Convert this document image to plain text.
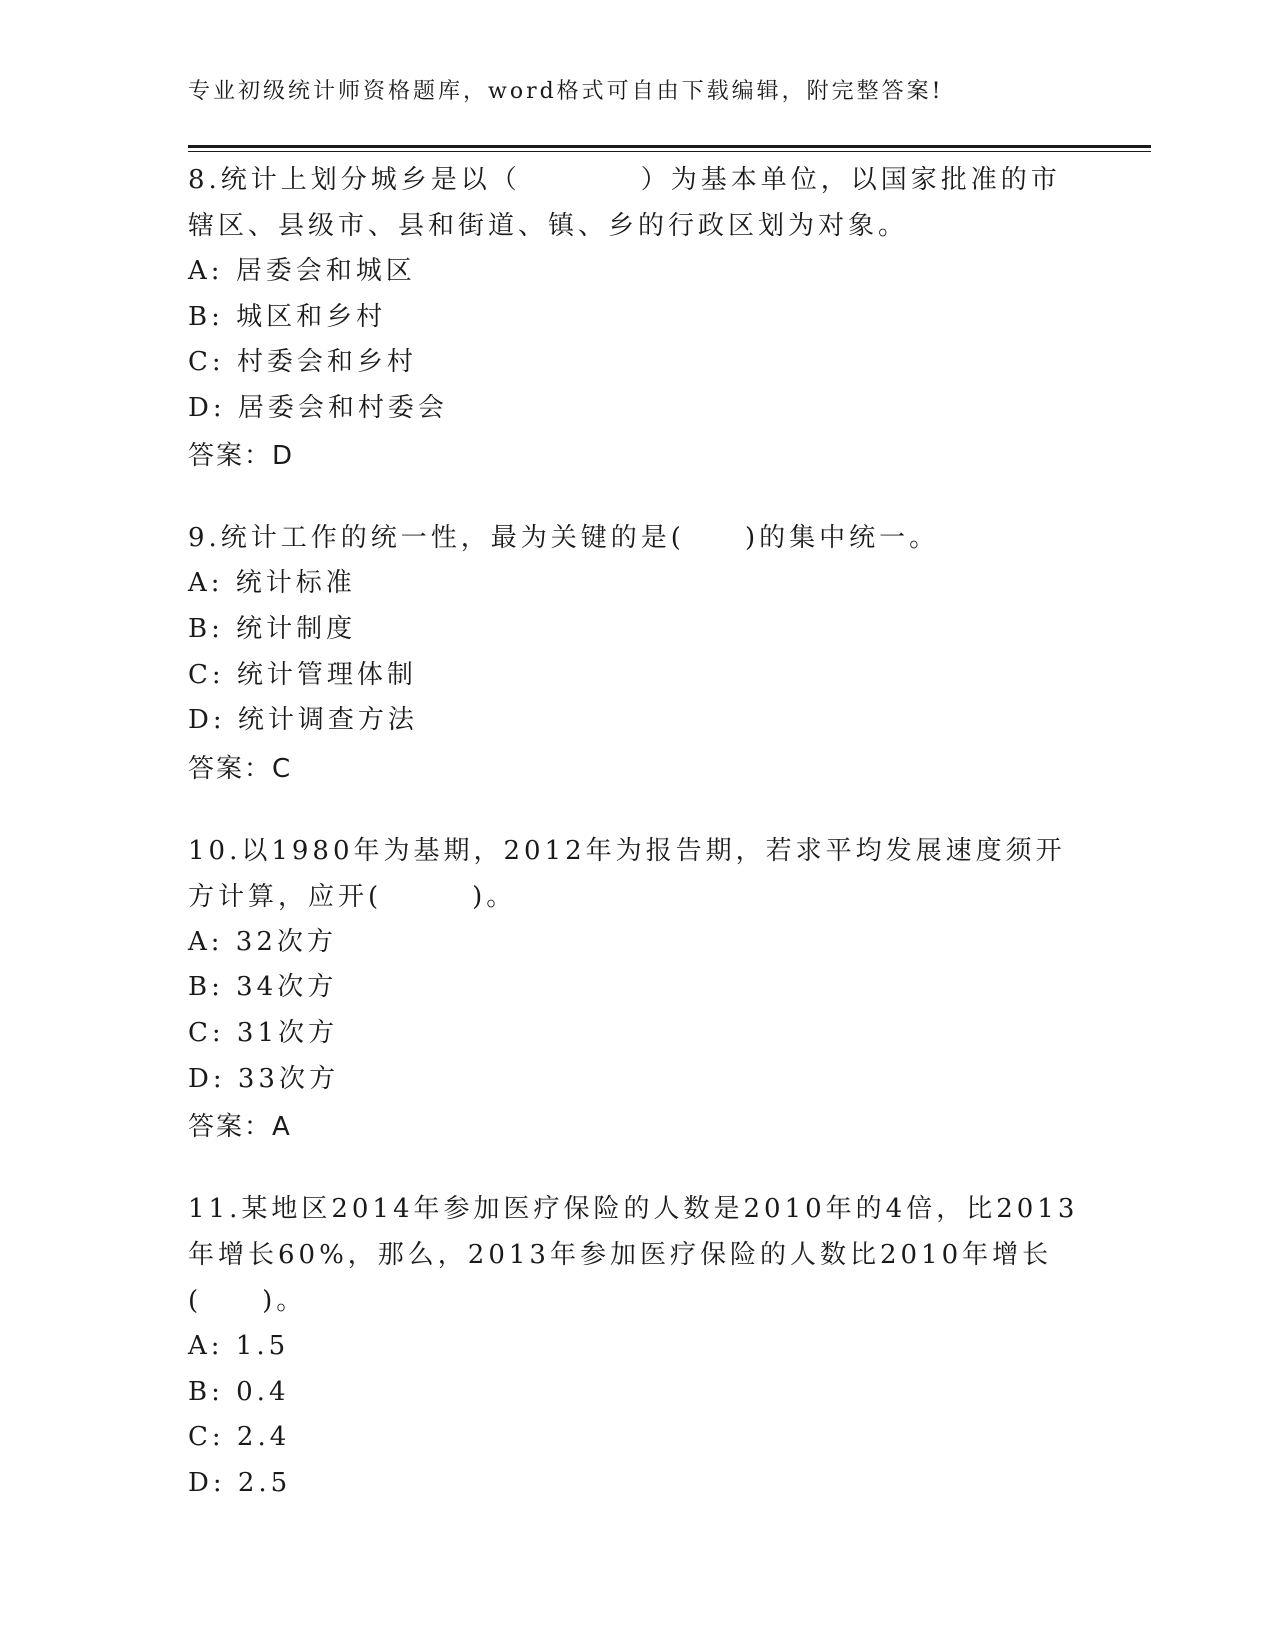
专业初级统计师资格题库，word格式可自由下载编辑，附完整答案!
8.统计上划分城乡是以（　　　　）为基本单位，以国家批准的市辖区、县级市、县和街道、镇、乡的行政区划为对象。
A: 居委会和城区
B: 城区和乡村
C: 村委会和乡村
D: 居委会和村委会
答案：D
9.统计工作的统一性，最为关键的是(　　)的集中统一。
A: 统计标准
B: 统计制度
C: 统计管理体制
D: 统计调查方法
答案：C
10.以1980年为基期，2012年为报告期，若求平均发展速度须开方计算，应开(　　　)。
A: 32次方
B: 34次方
C: 31次方
D: 33次方
答案：A
11.某地区2014年参加医疗保险的人数是2010年的4倍，比2013年增长60%，那么，2013年参加医疗保险的人数比2010年增长(　　)。
A: 1.5
B: 0.4
C: 2.4
D: 2.5
